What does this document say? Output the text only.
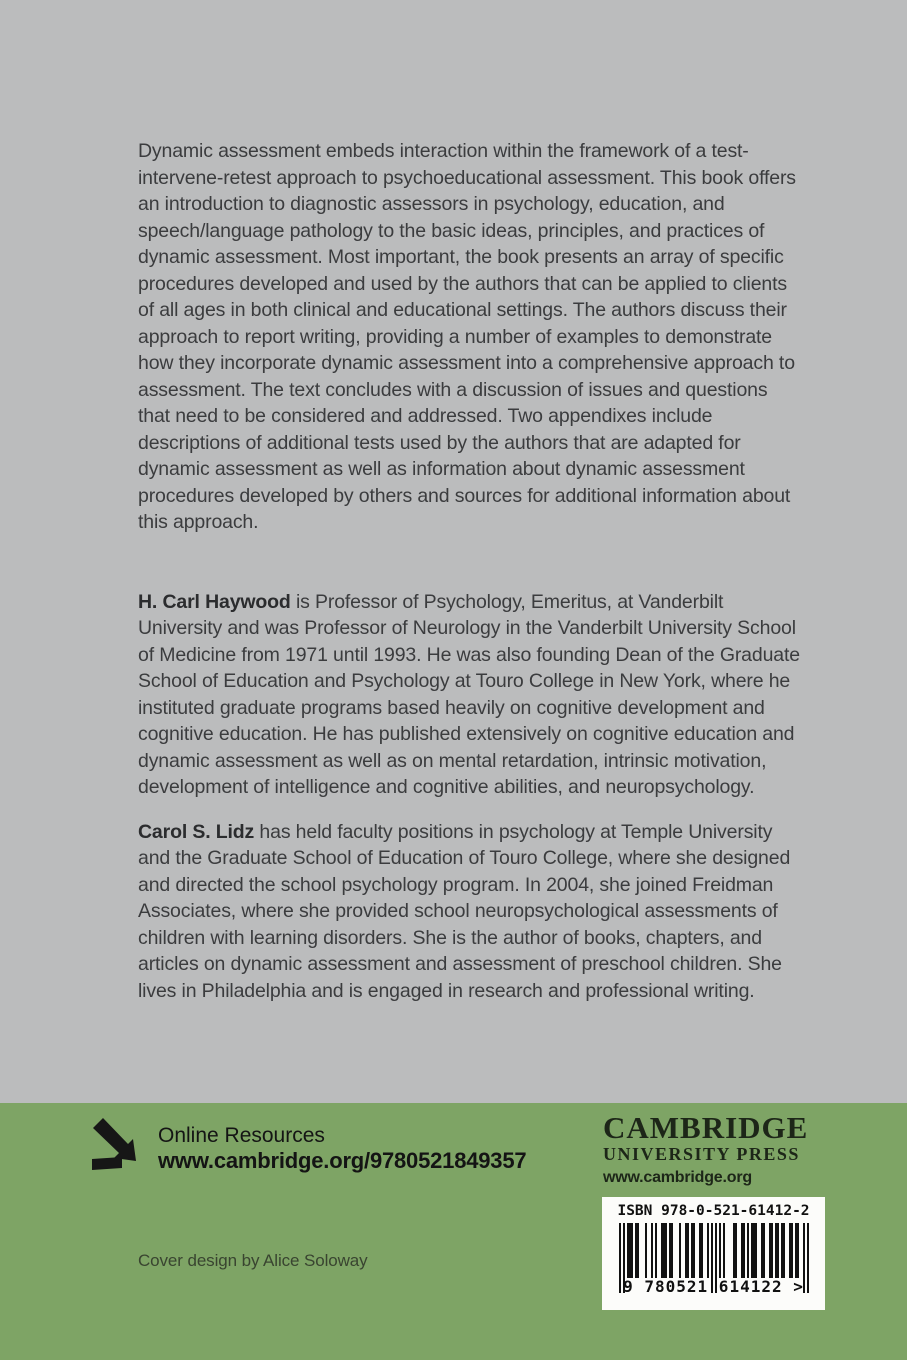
Dynamic assessment embeds interaction within the framework of a test-intervene-retest approach to psychoeducational assessment. This book offers an introduction to diagnostic assessors in psychology, education, and speech/language pathology to the basic ideas, principles, and practices of dynamic assessment. Most important, the book presents an array of specific procedures developed and used by the authors that can be applied to clients of all ages in both clinical and educational settings. The authors discuss their approach to report writing, providing a number of examples to demonstrate how they incorporate dynamic assessment into a comprehensive approach to assessment. The text concludes with a discussion of issues and questions that need to be considered and addressed. Two appendixes include descriptions of additional tests used by the authors that are adapted for dynamic assessment as well as information about dynamic assessment procedures developed by others and sources for additional information about this approach.

H. Carl Haywood is Professor of Psychology, Emeritus, at Vanderbilt University and was Professor of Neurology in the Vanderbilt University School of Medicine from 1971 until 1993. He was also founding Dean of the Graduate School of Education and Psychology at Touro College in New York, where he instituted graduate programs based heavily on cognitive development and cognitive education. He has published extensively on cognitive education and dynamic assessment as well as on mental retardation, intrinsic motivation, development of intelligence and cognitive abilities, and neuropsychology.

Carol S. Lidz has held faculty positions in psychology at Temple University and the Graduate School of Education of Touro College, where she designed and directed the school psychology program. In 2004, she joined Freidman Associates, where she provided school neuropsychological assessments of children with learning disorders. She is the author of books, chapters, and articles on dynamic assessment and assessment of preschool children. She lives in Philadelphia and is engaged in research and professional writing.

Online Resources
www.cambridge.org/9780521849357
CAMBRIDGE
UNIVERSITY PRESS
www.cambridge.org
ISBN 978-0-521-61412-2
9 780521 614122 >
Cover design by Alice Soloway
